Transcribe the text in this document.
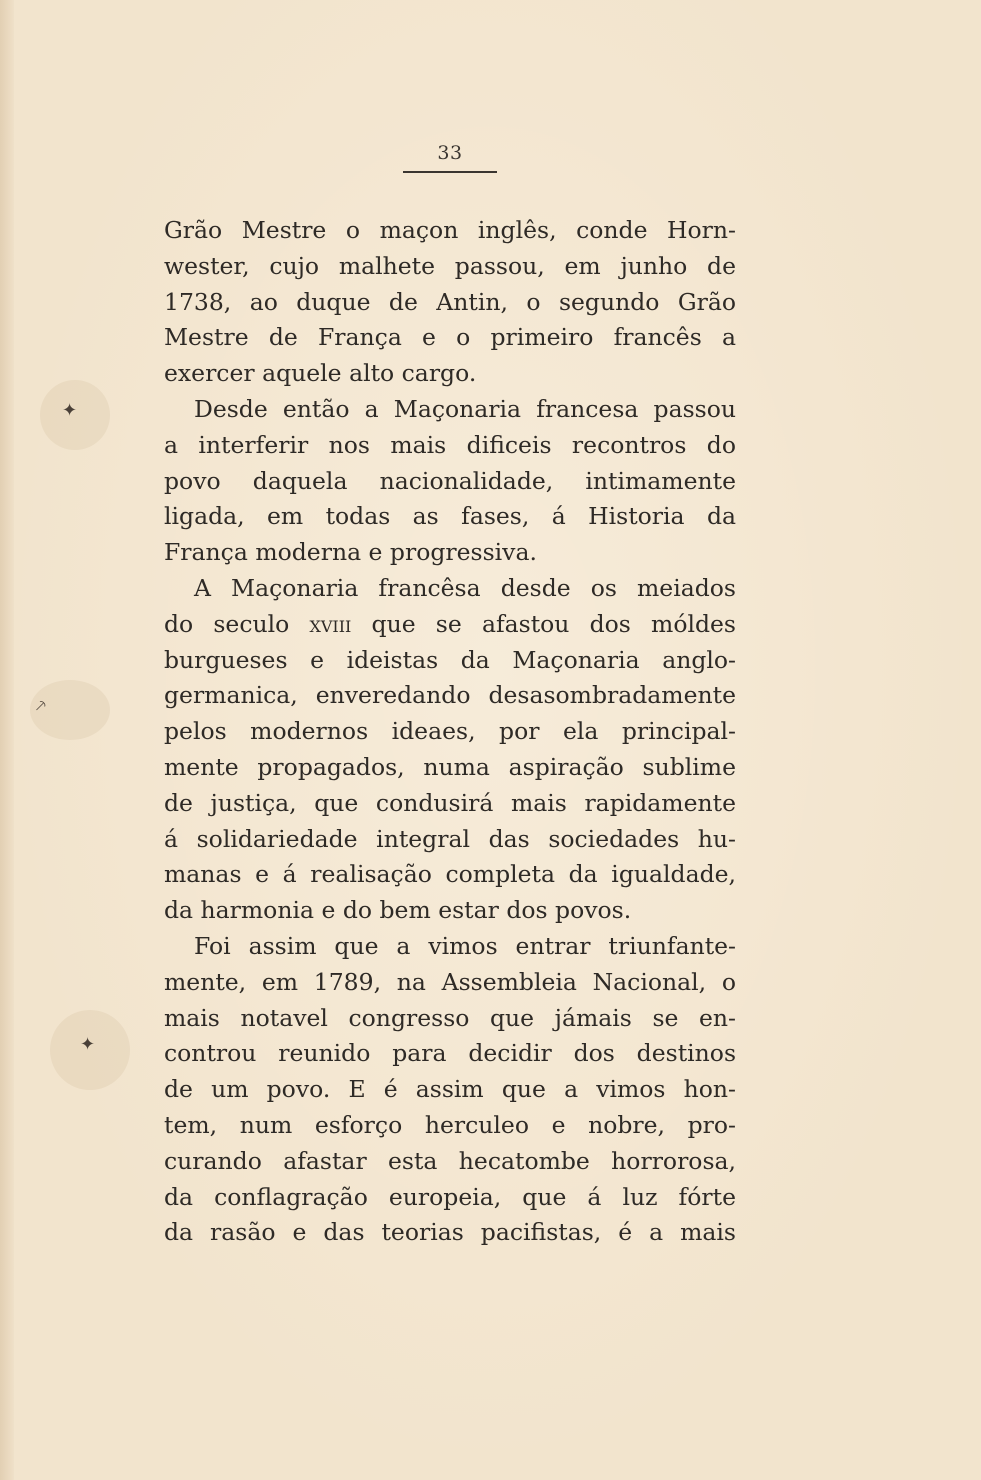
✦
⸕
✦
33
Grão Mestre o maçon inglês, conde Horn-
wester, cujo malhete passou, em junho de
1738, ao duque de Antin, o segundo Grão
Mestre de França e o primeiro francês a
exercer aquele alto cargo.
Desde então a Maçonaria francesa passou
a interferir nos mais dificeis recontros do
povo daquela nacionalidade, intimamente
ligada, em todas as fases, á Historia da
França moderna e progressiva.
A Maçonaria francêsa desde os meiados
do seculo xviii que se afastou dos móldes
burgueses e ideistas da Maçonaria anglo-
germanica, enveredando desasombradamente
pelos modernos ideaes, por ela principal-
mente propagados, numa aspiração sublime
de justiça, que condusirá mais rapidamente
á solidariedade integral das sociedades hu-
manas e á realisação completa da igualdade,
da harmonia e do bem estar dos povos.
Foi assim que a vimos entrar triunfante-
mente, em 1789, na Assembleia Nacional, o
mais notavel congresso que jámais se en-
controu reunido para decidir dos destinos
de um povo. E é assim que a vimos hon-
tem, num esforço herculeo e nobre, pro-
curando afastar esta hecatombe horrorosa,
da conflagração europeia, que á luz fórte
da rasão e das teorias pacifistas, é a mais
